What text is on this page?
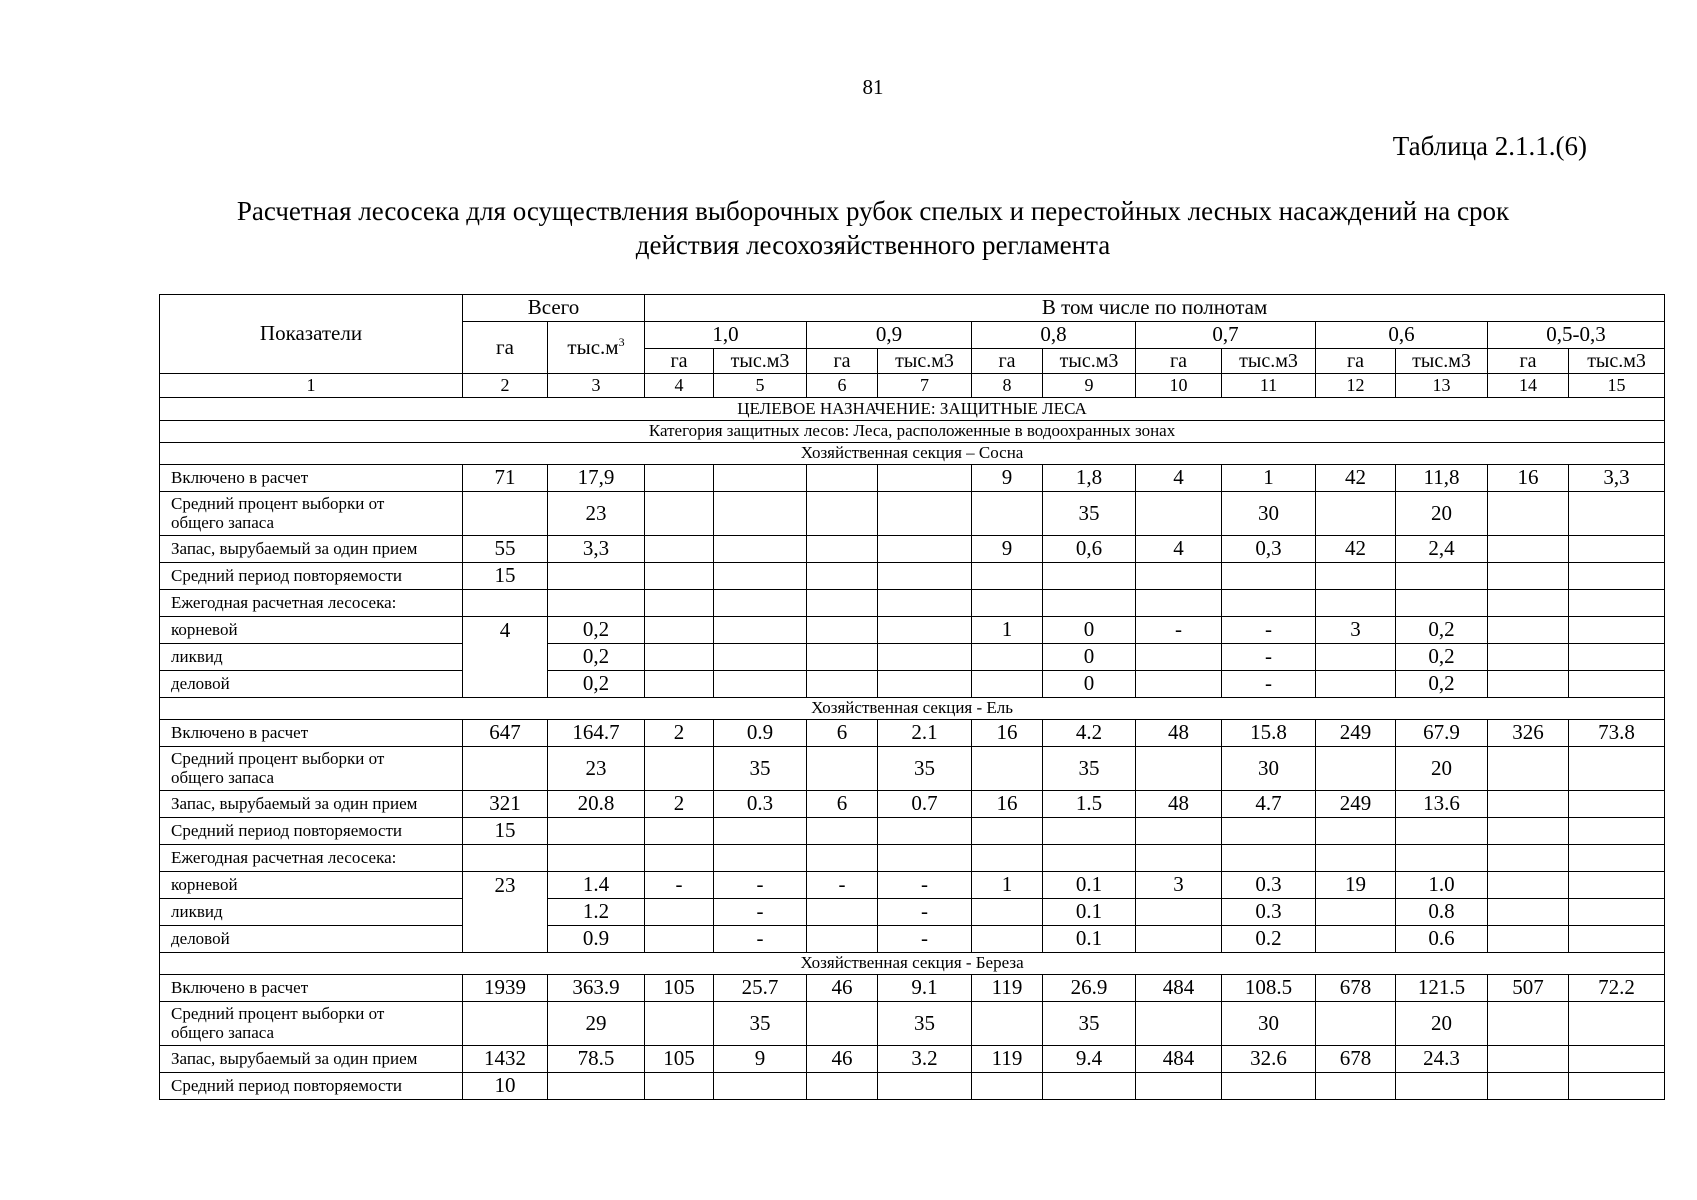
81
Таблица 2.1.1.(6)
Расчетная лесосека для осуществления выборочных рубок спелых и перестойных лесных насаждений на срок
действия лесохозяйственного регламента
Показатели	Всего		В том числе по полнотам											
	га	$тыс.м^3$	1,0		0,9		0,8		0,7		0,6		0,5-0,3	
			га	тыс.м3	га	тыс.м3	га	тыс.м3	га	тыс.м3	га	тыс.м3	га	тыс.м3
1	2	3	4	5	6	7	8	9	10	11	12	13	14	15
ЦЕЛЕВОЕ НАЗНАЧЕНИЕ: ЗАЩИТНЫЕ ЛЕСА														
Категория защитных лесов: Леса, расположенные в водоохранных зонах														
Хозяйственная секция – Сосна														
Включено в расчет	71	17,9					9	1,8	4	1	42	11,8	16	3,3

Средний процент выборки от
общего запаса		23						35		30		20		
Запас, вырубаемый за один прием	55	3,3					9	0,6	4	0,3	42	2,4		
Средний период повторяемости	15													
Ежегодная расчетная лесосека:														
корневой	4	0,2					1	0	-	-	3	0,2		
ликвид		0,2						0		-		0,2		
деловой		0,2						0		-		0,2		
Хозяйственная секция - Ель														
Включено в расчет	647	164.7	2	0.9	6	2.1	16	4.2	48	15.8	249	67.9	326	73.8

Средний процент выборки от
общего запаса		23		35		35		35		30		20		
Запас, вырубаемый за один прием	321	20.8	2	0.3	6	0.7	16	1.5	48	4.7	249	13.6		
Средний период повторяемости	15													
Ежегодная расчетная лесосека:														
корневой	23	1.4	-	-	-	-	1	0.1	3	0.3	19	1.0		
ликвид		1.2		-		-		0.1		0.3		0.8		
деловой		0.9		-		-		0.1		0.2		0.6		
Хозяйственная секция - Береза														
Включено в расчет	1939	363.9	105	25.7	46	9.1	119	26.9	484	108.5	678	121.5	507	72.2

Средний процент выборки от
общего запаса		29		35		35		35		30		20		
Запас, вырубаемый за один прием	1432	78.5	105	9	46	3.2	119	9.4	484	32.6	678	24.3		
Средний период повторяемости	10													
